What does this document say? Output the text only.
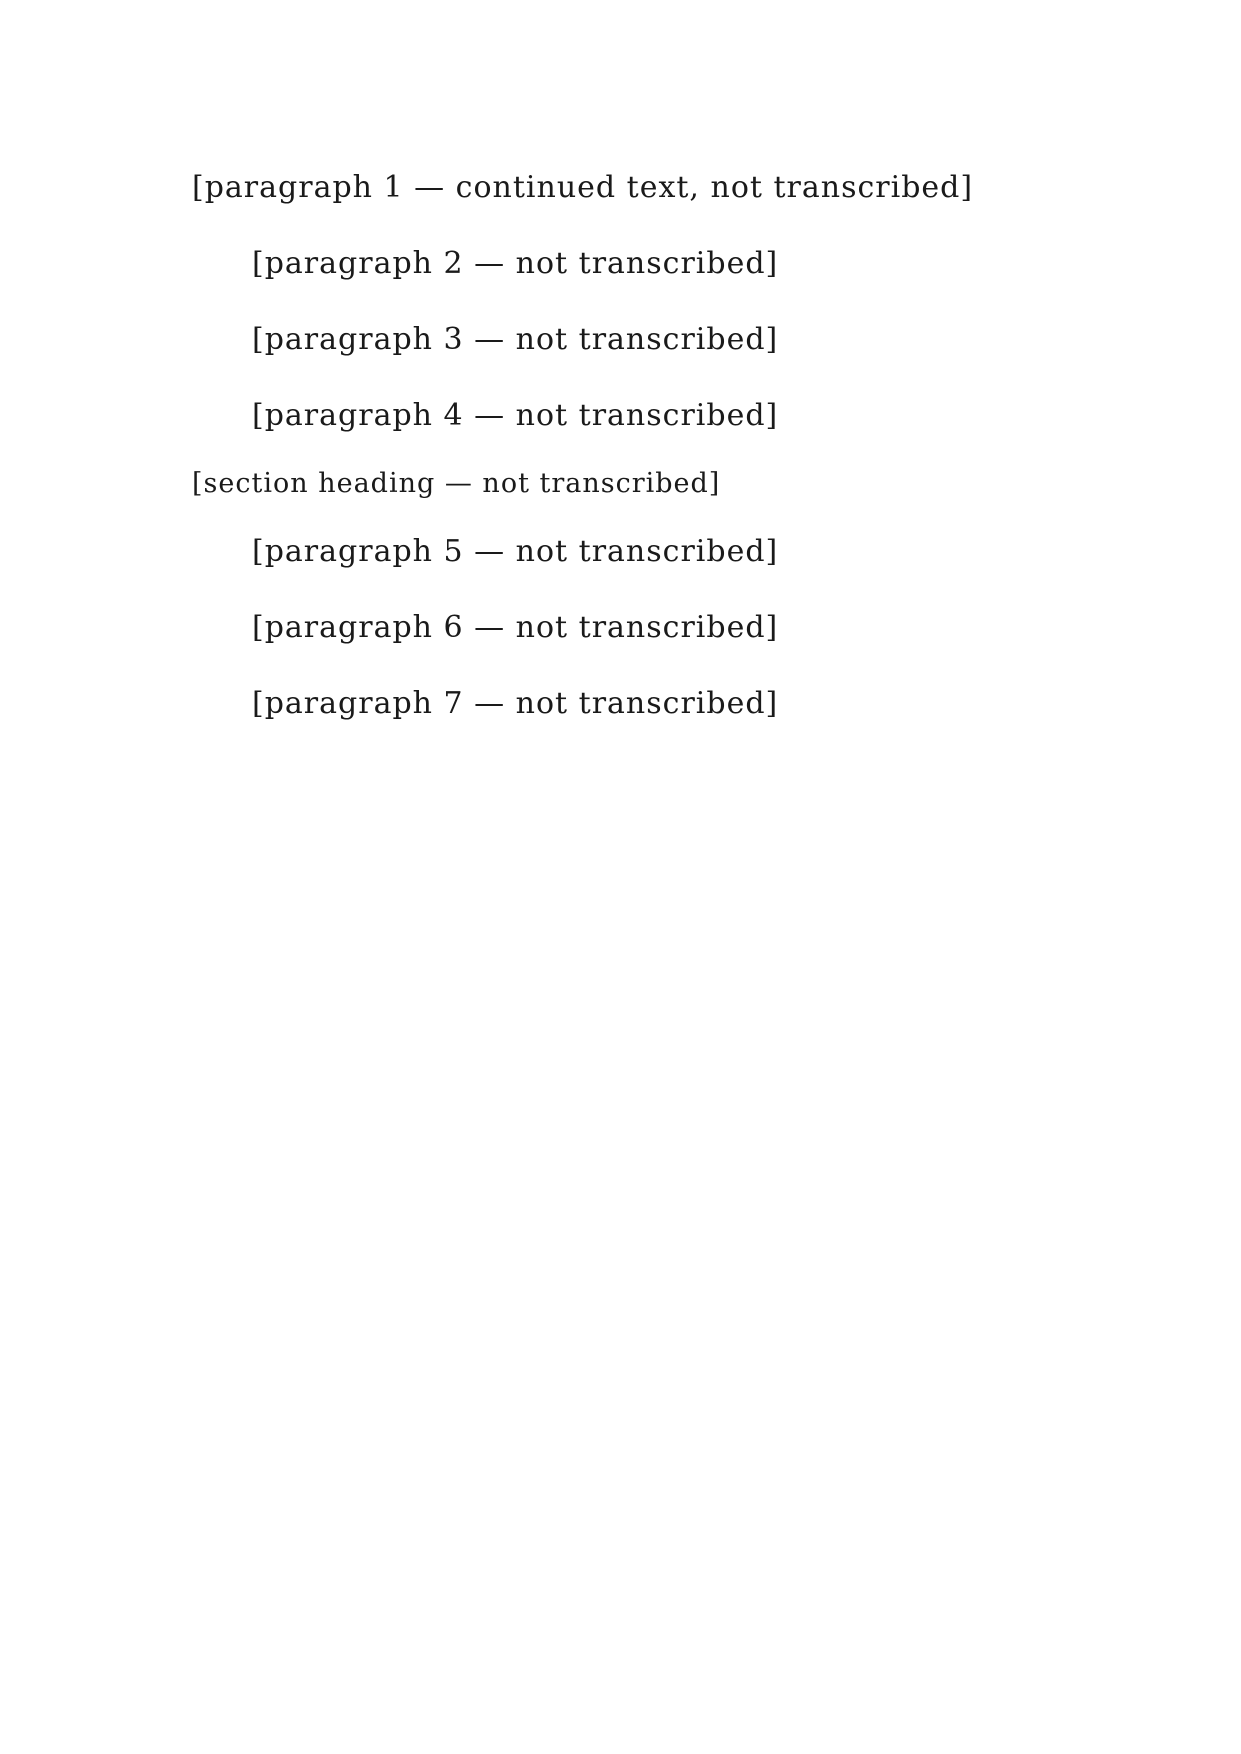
[paragraph 1 — continued text, not transcribed]

[paragraph 2 — not transcribed]

[paragraph 3 — not transcribed]

[paragraph 4 — not transcribed]

[section heading — not transcribed]

[paragraph 5 — not transcribed]

[paragraph 6 — not transcribed]

[paragraph 7 — not transcribed]
